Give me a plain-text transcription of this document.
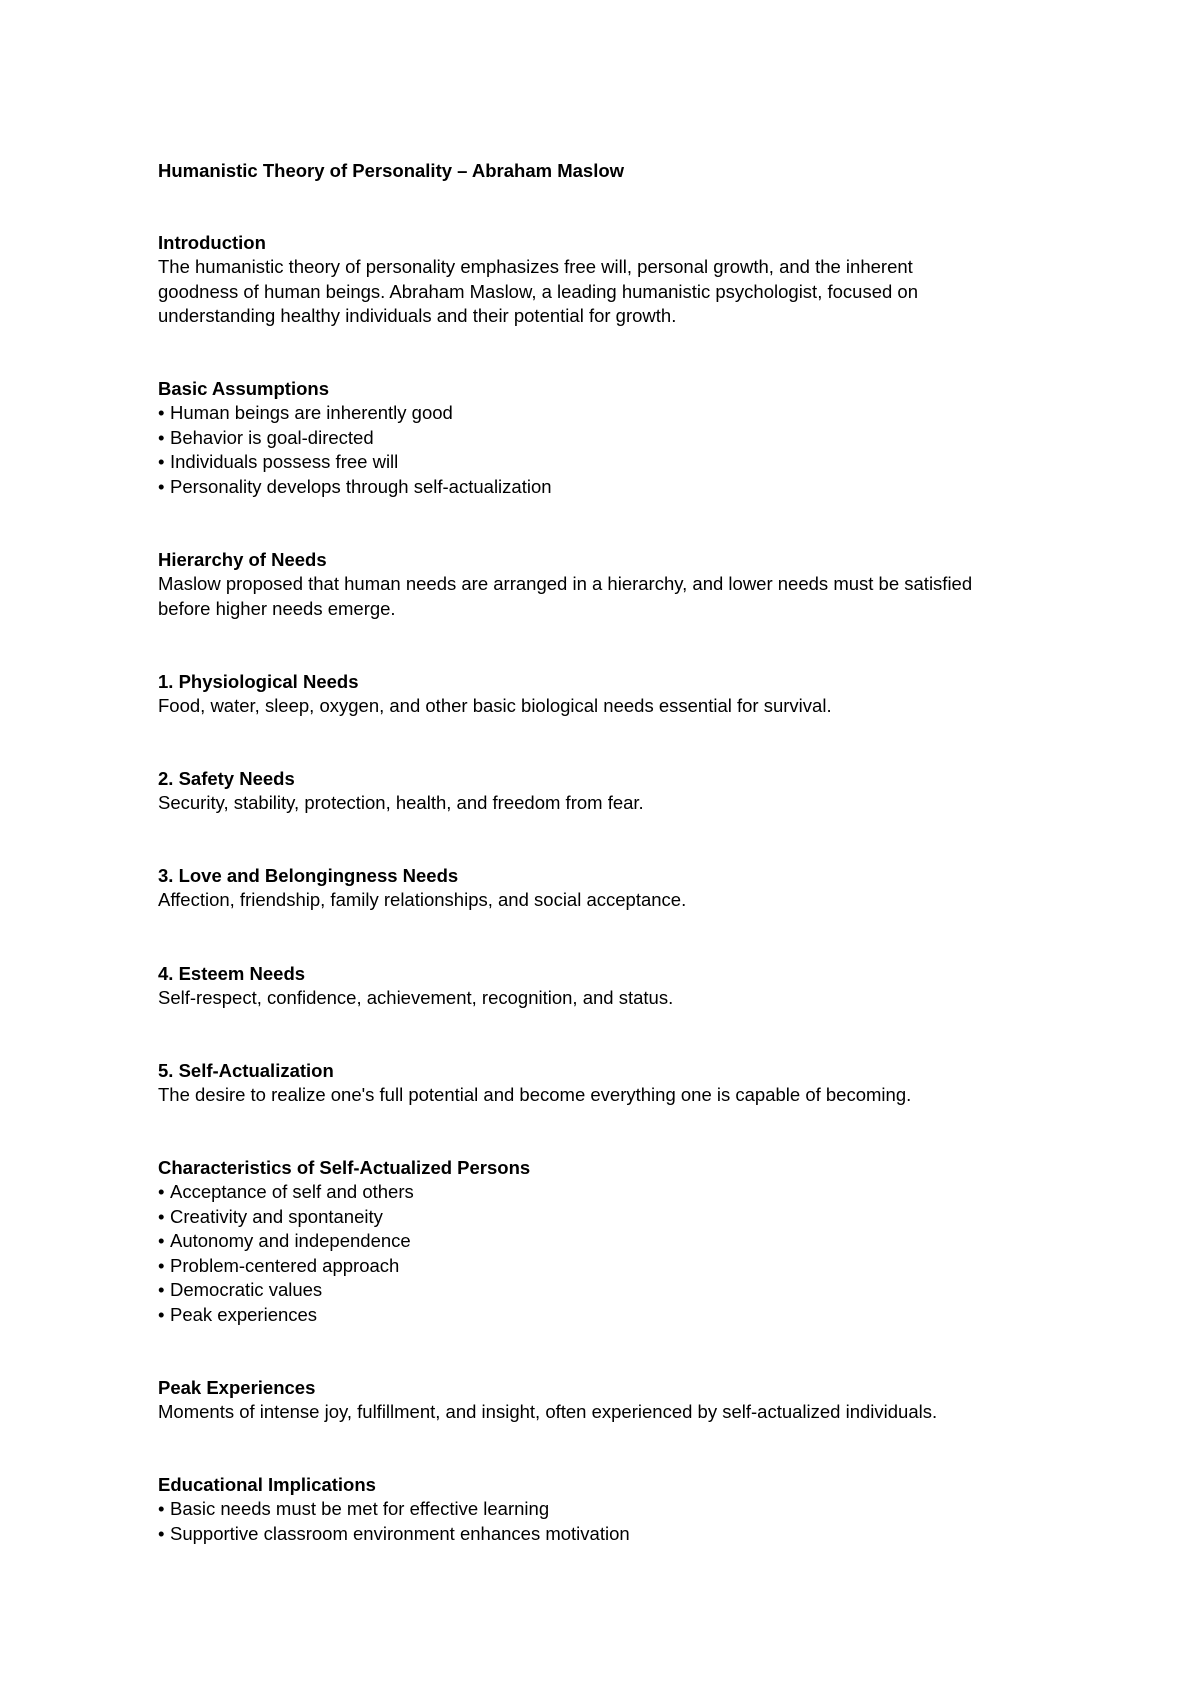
Humanistic Theory of Personality – Abraham Maslow
Introduction
The humanistic theory of personality emphasizes free will, personal growth, and the inherent
goodness of human beings. Abraham Maslow, a leading humanistic psychologist, focused on
understanding healthy individuals and their potential for growth.
Basic Assumptions
• Human beings are inherently good
• Behavior is goal-directed
• Individuals possess free will
• Personality develops through self-actualization
Hierarchy of Needs
Maslow proposed that human needs are arranged in a hierarchy, and lower needs must be satisfied
before higher needs emerge.
1. Physiological Needs
Food, water, sleep, oxygen, and other basic biological needs essential for survival.
2. Safety Needs
Security, stability, protection, health, and freedom from fear.
3. Love and Belongingness Needs
Affection, friendship, family relationships, and social acceptance.
4. Esteem Needs
Self-respect, confidence, achievement, recognition, and status.
5. Self-Actualization
The desire to realize one's full potential and become everything one is capable of becoming.
Characteristics of Self-Actualized Persons
• Acceptance of self and others
• Creativity and spontaneity
• Autonomy and independence
• Problem-centered approach
• Democratic values
• Peak experiences
Peak Experiences
Moments of intense joy, fulfillment, and insight, often experienced by self-actualized individuals.
Educational Implications
• Basic needs must be met for effective learning
• Supportive classroom environment enhances motivation
